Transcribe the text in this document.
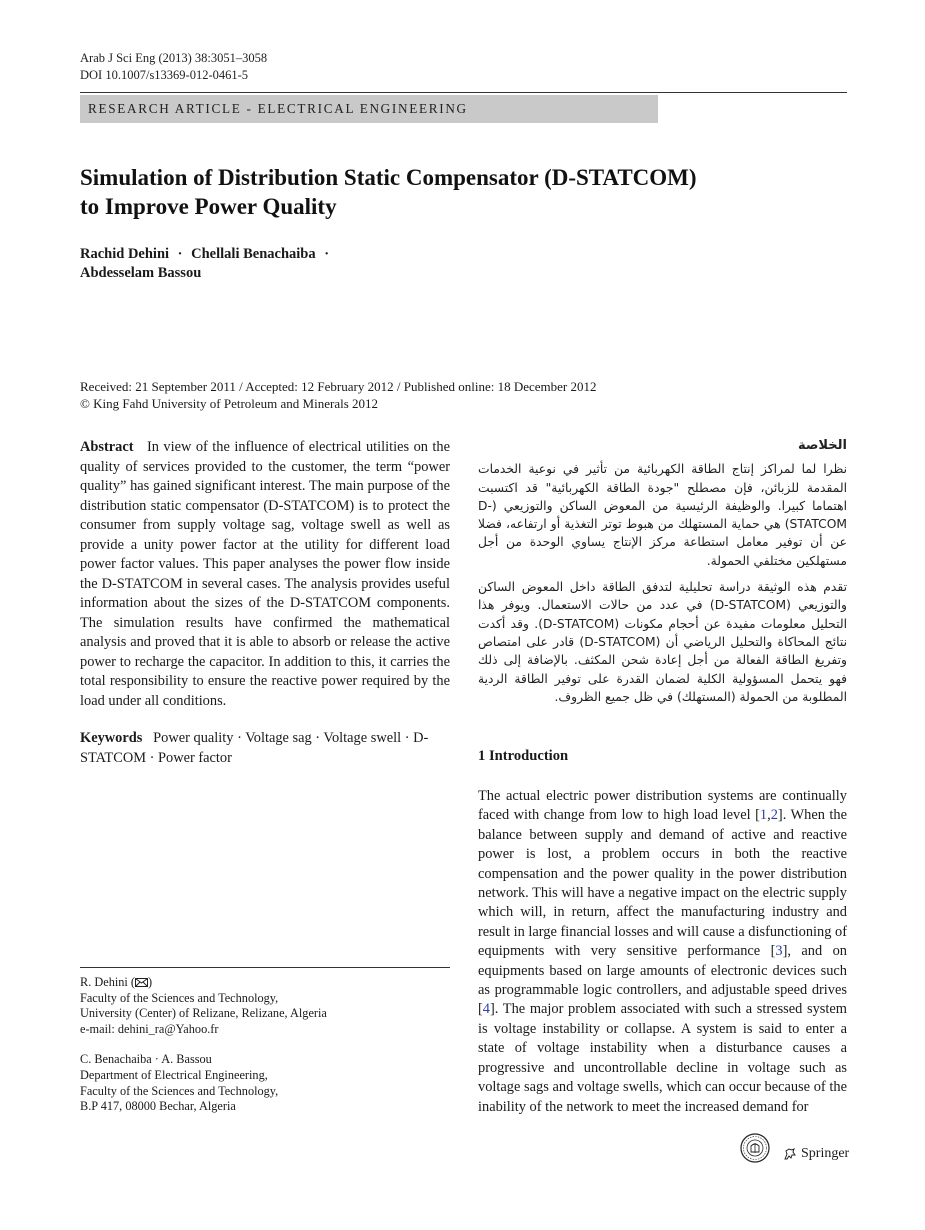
Arab J Sci Eng (2013) 38:3051–3058
DOI 10.1007/s13369-012-0461-5
RESEARCH ARTICLE - ELECTRICAL ENGINEERING
Simulation of Distribution Static Compensator (D-STATCOM)
to Improve Power Quality
Rachid Dehini · Chellali Benachaiba ·
Abdesselam Bassou
Received: 21 September 2011 / Accepted: 12 February 2012 / Published online: 18 December 2012
© King Fahd University of Petroleum and Minerals 2012

Abstract In view of the influence of electrical utilities on the quality of services provided to the customer, the term “power quality” has gained significant interest. The main purpose of the distribution static compensator (D-STATCOM) is to protect the consumer from supply voltage sag, voltage swell as well as provide a unity power factor at the utility for different load power factor values. This paper analyses the power flow inside the D-STATCOM in several cases. The analysis provides useful information about the sizes of the D-STATCOM components. The simulation results have confirmed the mathematical analysis and proved that it is able to absorb or release the active power to recharge the capacitor. In addition to this, it carries the total responsibility to ensure the reactive power required by the load under all conditions.

Keywords Power quality · Voltage sag · Voltage swell · D-STATCOM · Power factor

الخلاصة

نظرا لما لمراكز إنتاج الطاقة الكهربائية من تأثير في نوعية الخدمات المقدمة للزبائن، فإن مصطلح "جودة الطاقة الكهربائية" قد اكتسبت اهتماما كبيرا. والوظيفة الرئيسية من المعوض الساكن والتوزيعي (D-STATCOM) هي حماية المستهلك من هبوط توتر التغذية أو ارتفاعه، فضلا عن أن توفير معامل استطاعة مركز الإنتاج يساوي الوحدة من أجل مستهلكين مختلفي الحمولة.

تقدم هذه الوثيقة دراسة تحليلية لتدفق الطاقة داخل المعوض الساكن والتوزيعي (D-STATCOM) في عدد من حالات الاستعمال. ويوفر هذا التحليل معلومات مفيدة عن أحجام مكونات (D-STATCOM). وقد أكدت نتائج المحاكاة والتحليل الرياضي أن (D-STATCOM) قادر على امتصاص وتفريغ الطاقة الفعالة من أجل إعادة شحن المكثف. بالإضافة إلى ذلك فهو يتحمل المسؤولية الكلية لضمان القدرة على توفير الطاقة الردية المطلوبة من الحمولة (المستهلك) في ظل جميع الظروف.

1 Introduction

The actual electric power distribution systems are continually faced with change from low to high load level [1,2]. When the balance between supply and demand of active and reactive power is lost, a problem occurs in both the reactive compensation and the power quality in the power distribution network. This will have a negative impact on the electric supply which will, in return, affect the manufacturing industry and result in large financial losses and will cause a disfunctioning of equipments with very sensitive performance [3], and on equipments based on large amounts of electronic devices such as programmable logic controllers, and adjustable speed drives [4]. The major problem associated with such a stressed system is voltage instability or collapse. A system is said to enter a state of voltage instability when a disturbance causes a progressive and uncontrollable decline in voltage such as voltage sags and voltage swells, which can occur because of the inability of the network to meet the increased demand for

R. Dehini ( )

Faculty of the Sciences and Technology,

University (Center) of Relizane, Relizane, Algeria

e-mail: dehini_ra@Yahoo.fr

C. Benachaiba · A. Bassou

Department of Electrical Engineering,

Faculty of the Sciences and Technology,

B.P 417, 08000 Bechar, Algeria

Springer
